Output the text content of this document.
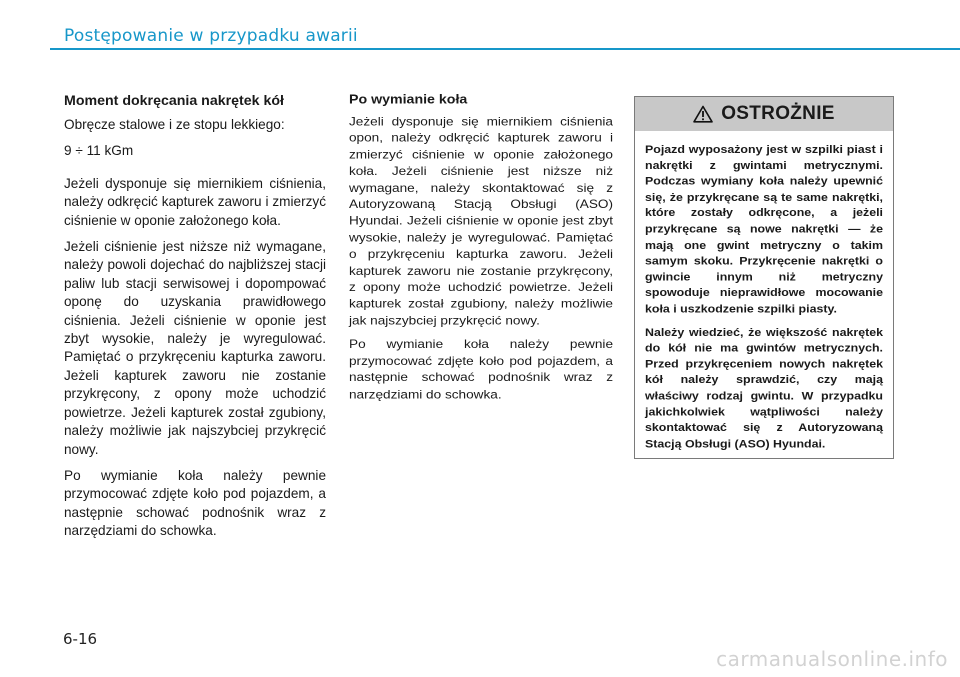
Postępowanie w przypadku awarii
Moment dokręcania nakrętek kół

Obręcze stalowe i ze stopu lekkiego:

9 ÷ 11 kGm

Jeżeli dysponuje się miernikiem ciśnienia, należy odkręcić kapturek zaworu i zmierzyć ciśnienie w oponie założonego koła.

Jeżeli ciśnienie jest niższe niż wymagane, należy powoli dojechać do najbliższej stacji paliw lub stacji serwisowej i dopompować oponę do uzyskania prawidłowego ciśnienia. Jeżeli ciśnienie w oponie jest zbyt wysokie, należy je wyregulować. Pamiętać o przykręceniu kapturka zaworu. Jeżeli kapturek zaworu nie zostanie przykręcony, z opony może uchodzić powietrze. Jeżeli kapturek został zgubiony, należy możliwie jak najszybciej przykręcić nowy.

Po wymianie koła należy pewnie przymocować zdjęte koło pod pojazdem, a następnie schować podnośnik wraz z narzędziami do schowka.

Po wymianie koła

Jeżeli dysponuje się miernikiem ciśnienia opon, należy odkręcić kapturek zaworu i zmierzyć ciśnienie w oponie założonego koła. Jeżeli ciśnienie jest niższe niż wymagane, należy skontaktować się z Autoryzowaną Stacją Obsługi (ASO) Hyundai. Jeżeli ciśnienie w oponie jest zbyt wysokie, należy je wyregulować. Pamiętać o przykręceniu kapturka zaworu. Jeżeli kapturek zaworu nie zostanie przykręcony, z opony może uchodzić powietrze. Jeżeli kapturek został zgubiony, należy możliwie jak najszybciej przykręcić nowy.

Po wymianie koła należy pewnie przymocować zdjęte koło pod pojazdem, a następnie schować podnośnik wraz z narzędziami do schowka.

OSTROŻNIE

Pojazd wyposażony jest w szpilki piast i nakrętki z gwintami metrycznymi. Podczas wymiany koła należy upewnić się, że przykręcane są te same nakrętki, które zostały odkręcone, a jeżeli przykręcane są nowe nakrętki — że mają one gwint metryczny o takim samym skoku. Przykręcenie nakrętki o gwincie innym niż metryczny spowoduje nieprawidłowe mocowanie koła i uszkodzenie szpilki piasty.

Należy wiedzieć, że większość nakrętek do kół nie ma gwintów metrycznych. Przed przykręceniem nowych nakrętek kół należy sprawdzić, czy mają właściwy rodzaj gwintu. W przypadku jakichkolwiek wątpliwości należy skontaktować się z Autoryzowaną Stacją Obsługi (ASO) Hyundai.

6-16
carmanualsonline.info
